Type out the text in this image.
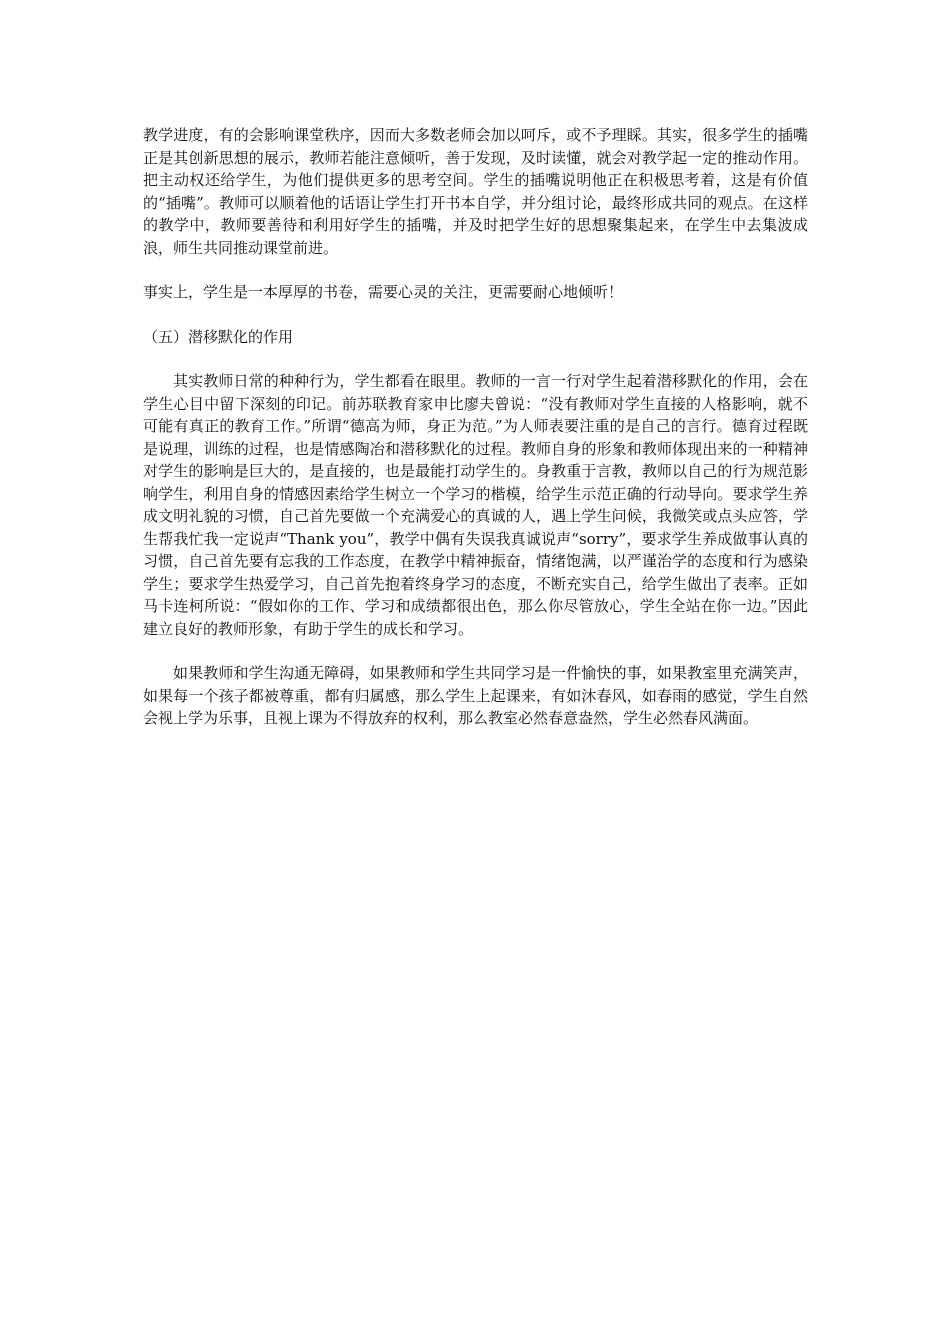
教学进度，有的会影响课堂秩序，因而大多数老师会加以呵斥，或不予理睬。其实，很多学生的插嘴正是其创新思想的展示，教师若能注意倾听，善于发现，及时读懂，就会对教学起一定的推动作用。把主动权还给学生，为他们提供更多的思考空间。学生的插嘴说明他正在积极思考着，这是有价值的“插嘴”。教师可以顺着他的话语让学生打开书本自学，并分组讨论，最终形成共同的观点。在这样的教学中，教师要善待和利用好学生的插嘴，并及时把学生好的思想聚集起来，在学生中去集波成浪，师生共同推动课堂前进。

事实上，学生是一本厚厚的书卷，需要心灵的关注，更需要耐心地倾听！

（五）潜移默化的作用

其实教师日常的种种行为，学生都看在眼里。教师的一言一行对学生起着潜移默化的作用，会在学生心目中留下深刻的印记。前苏联教育家申比廖夫曾说：“没有教师对学生直接的人格影响，就不可能有真正的教育工作。”所谓“德高为师，身正为范。”为人师表要注重的是自己的言行。德育过程既是说理，训练的过程，也是情感陶冶和潜移默化的过程。教师自身的形象和教师体现出来的一种精神对学生的影响是巨大的，是直接的，也是最能打动学生的。身教重于言教，教师以自己的行为规范影响学生，利用自身的情感因素给学生树立一个学习的楷模，给学生示范正确的行动导向。要求学生养成文明礼貌的习惯，自己首先要做一个充满爱心的真诚的人，遇上学生问候，我微笑或点头应答，学生帮我忙我一定说声“Thank you”，教学中偶有失误我真诚说声“sorry”，要求学生养成做事认真的习惯，自己首先要有忘我的工作态度，在教学中精神振奋，情绪饱满，以严谨治学的态度和行为感染学生；要求学生热爱学习，自己首先抱着终身学习的态度，不断充实自己，给学生做出了表率。正如马卡连柯所说：“假如你的工作、学习和成绩都很出色，那么你尽管放心，学生全站在你一边。”因此建立良好的教师形象，有助于学生的成长和学习。

如果教师和学生沟通无障碍，如果教师和学生共同学习是一件愉快的事，如果教室里充满笑声，如果每一个孩子都被尊重，都有归属感，那么学生上起课来，有如沐春风，如春雨的感觉，学生自然会视上学为乐事，且视上课为不得放弃的权利，那么教室必然春意盎然，学生必然春风满面。
